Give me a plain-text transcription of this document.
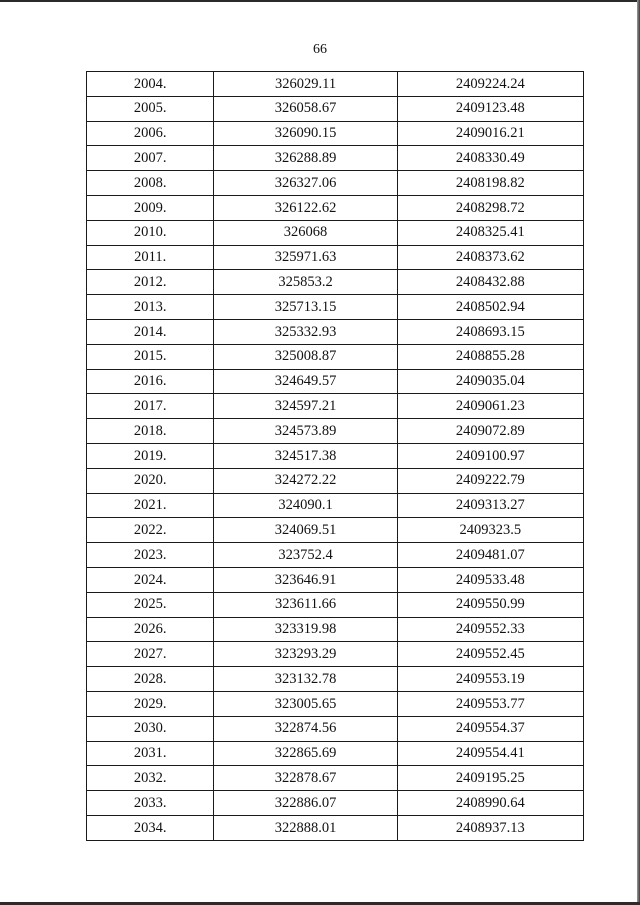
66
2004.	326029.11	2409224.24
2005.	326058.67	2409123.48
2006.	326090.15	2409016.21
2007.	326288.89	2408330.49
2008.	326327.06	2408198.82
2009.	326122.62	2408298.72
2010.	326068	2408325.41
2011.	325971.63	2408373.62
2012.	325853.2	2408432.88
2013.	325713.15	2408502.94
2014.	325332.93	2408693.15
2015.	325008.87	2408855.28
2016.	324649.57	2409035.04
2017.	324597.21	2409061.23
2018.	324573.89	2409072.89
2019.	324517.38	2409100.97
2020.	324272.22	2409222.79
2021.	324090.1	2409313.27
2022.	324069.51	2409323.5
2023.	323752.4	2409481.07
2024.	323646.91	2409533.48
2025.	323611.66	2409550.99
2026.	323319.98	2409552.33
2027.	323293.29	2409552.45
2028.	323132.78	2409553.19
2029.	323005.65	2409553.77
2030.	322874.56	2409554.37
2031.	322865.69	2409554.41
2032.	322878.67	2409195.25
2033.	322886.07	2408990.64
2034.	322888.01	2408937.13
